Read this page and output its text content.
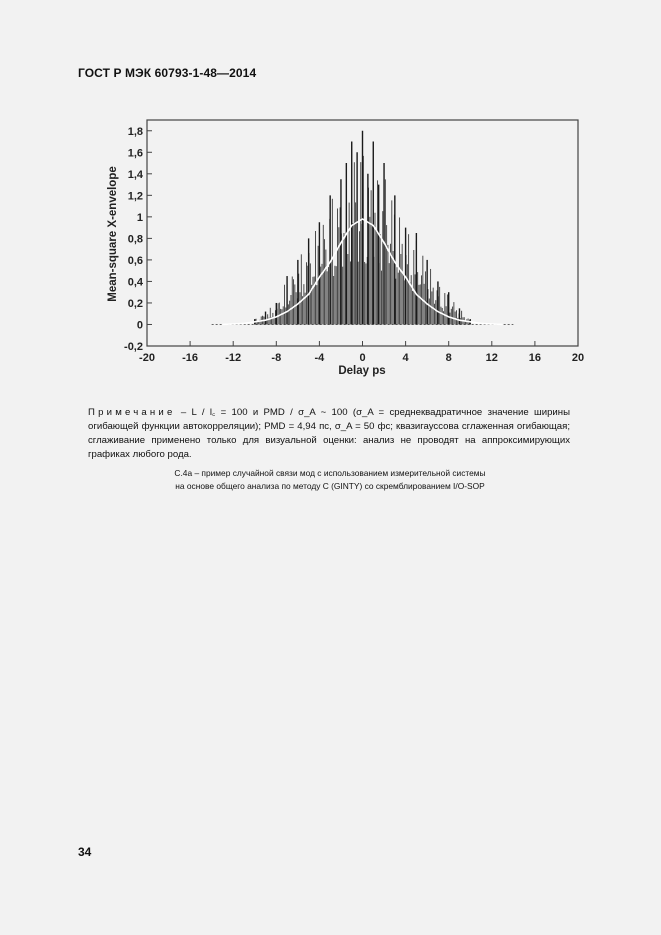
ГОСТ Р МЭК 60793-1-48—2014
-0,2
0
0,2
0,4
0,6
0,8
1
1,2
1,4
1,6
1,8
-20 -16 -12	-8	-4	0	4	8	12	16	20
Delay ps
Mean-square X-envelope
Примечание – L / l꜀ = 100 и PMD / σ_A ~ 100 (σ_A = среднеквадратичное значение ширины огибающей функции автокорреляции); PMD = 4,94 пс, σ_A = 50 фс; квазигауссова сглаженная огибающая; сглаживание применено только для визуальной оценки: анализ не проводят на аппроксимирующих графиках любого рода.
С.4а – пример случайной связи мод с использованием измерительной системы
на основе общего анализа по методу С (GINTY) со скремблированием I/O-SOP
34
